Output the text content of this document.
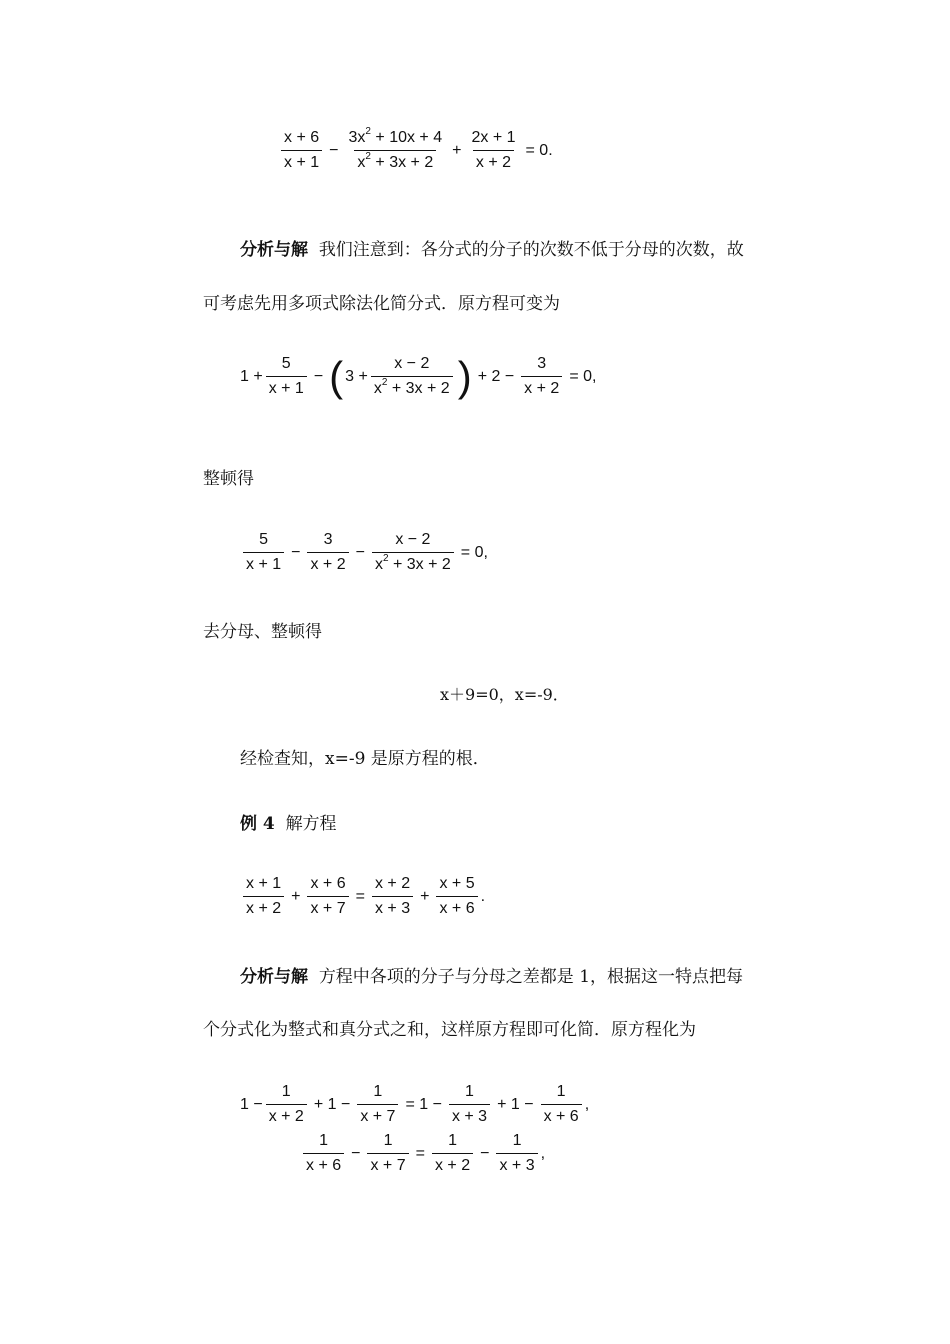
x + 6
x + 1
− $\frac{3x^2 + 10x + 4}{x^2 + 3x + 2} + \frac{2x + 1}{x + 2} = 0$.
分析与解 我们注意到：各分式的分子的次数不低于分母的次数，故
可考虑先用多项式除法化简分式．原方程可变为
$1 + \frac{5}{x + 1}$ − ( $3 + \frac{x - 2}{x^2 + 3x + 2}$ ) + $2 - \frac{3}{x + 2} = 0$,
整顿得
5
x + 1
− $\frac{3}{x + 2} - \frac{x - 2}{x^2 + 3x + 2} = 0$,
去分母、整顿得
x＋9=0，x=-9．
经检查知，x=-9 是原方程的根．
例 4 解方程
x + 1
x + 2
+ $\frac{x + 6}{x + 7} = \frac{x + 2}{x + 3} + \frac{x + 5}{x + 6}$ .
分析与解 方程中各项的分子与分母之差都是 1，根据这一特点把每
个分式化为整式和真分式之和，这样原方程即可化简．原方程化为
$1 - \frac{1}{x + 2} + 1 - \frac{1}{x + 7} = 1 - \frac{1}{x + 3} + 1 - \frac{1}{x + 6}$ ,
1
x + 6
− $\frac{1}{x + 7} = \frac{1}{x + 2} - \frac{1}{x + 3}$ ,
